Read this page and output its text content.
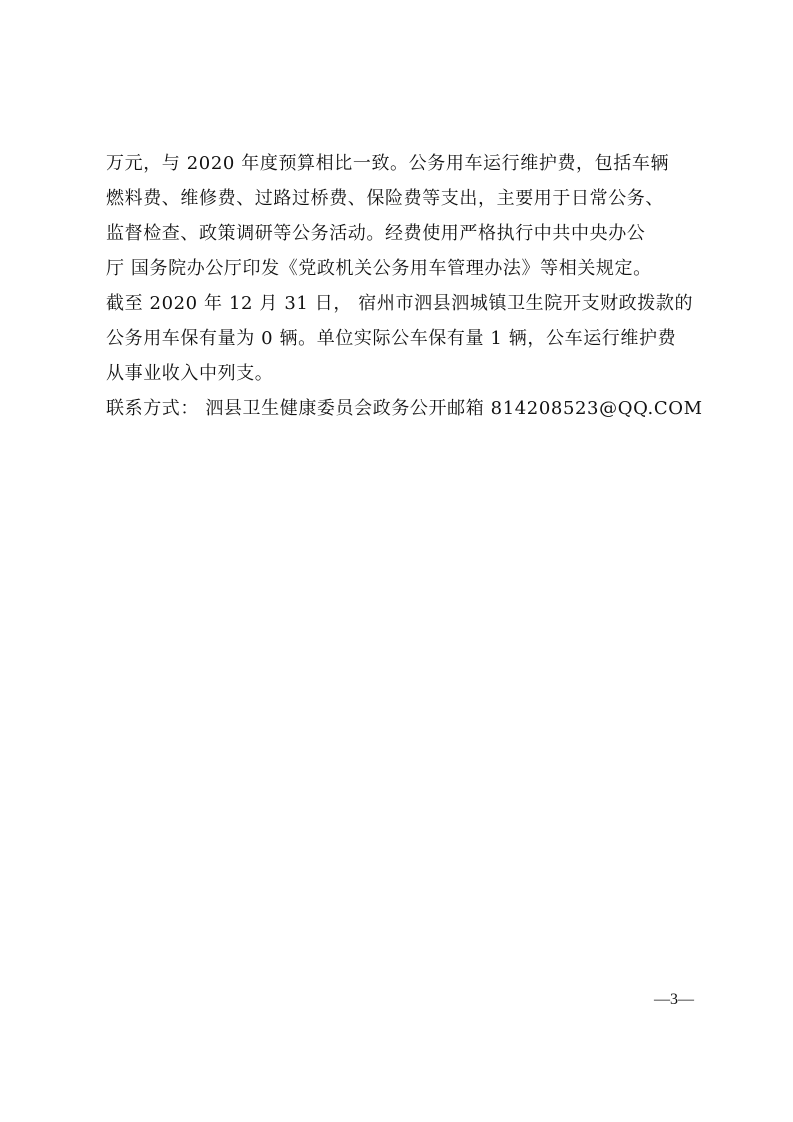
万元，与 2020 年度预算相比一致。公务用车运行维护费，包括车辆
燃料费、维修费、过路过桥费、保险费等支出，主要用于日常公务、
监督检查、政策调研等公务活动。经费使用严格执行中共中央办公
厅 国务院办公厅印发《党政机关公务用车管理办法》等相关规定。
截至 2020 年 12 月 31 日， 宿州市泗县泗城镇卫生院开支财政拨款的
公务用车保有量为 0 辆。单位实际公车保有量 1 辆，公车运行维护费
从事业收入中列支。
联系方式： 泗县卫生健康委员会政务公开邮箱 814208523@QQ.COM
—3—
